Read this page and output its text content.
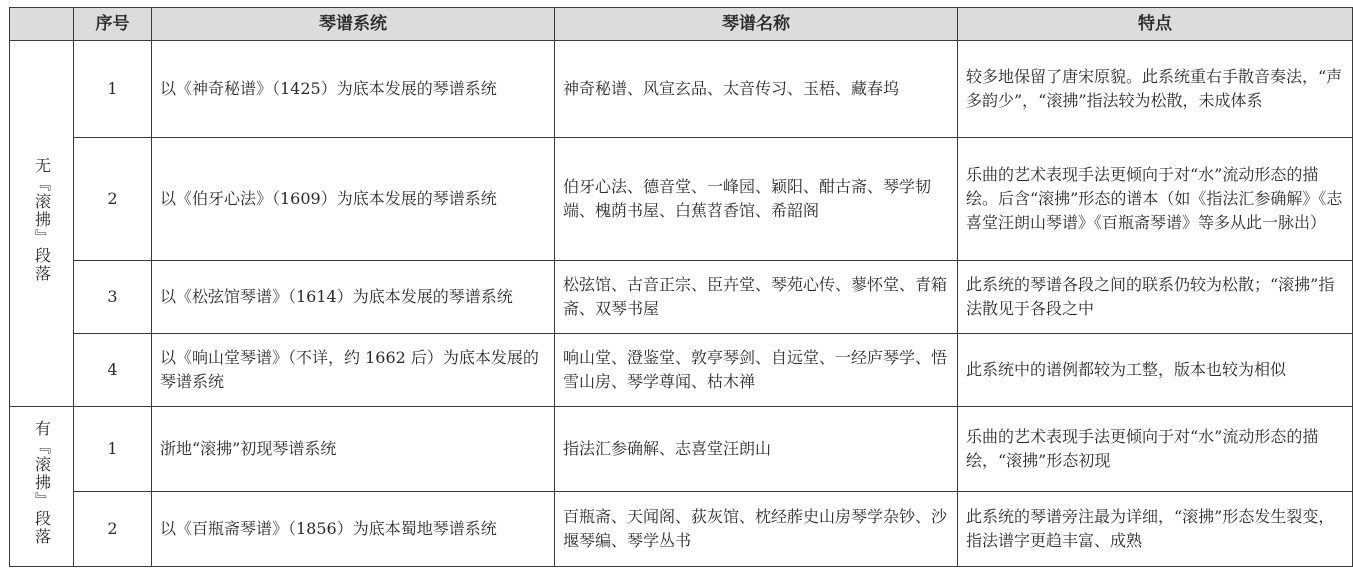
	序号	琴谱系统	琴谱名称	特点
无『滚拂』段落	1	以《神奇秘谱》（1425）为底本发展的琴谱系统	神奇秘谱、风宣玄品、太音传习、玉梧、藏春坞	较多地保留了唐宋原貌。此系统重右手散音奏法，“声多韵少”，“滚拂”指法较为松散，未成体系
	2	以《伯牙心法》（1609）为底本发展的琴谱系统	伯牙心法、德音堂、一峰园、颖阳、酣古斋、琴学韧端、槐荫书屋、白蕉苕香馆、希韶阁	乐曲的艺术表现手法更倾向于对“水”流动形态的描绘。后含“滚拂”形态的谱本（如《指法汇参确解》《志喜堂汪朗山琴谱》《百瓶斋琴谱》等多从此一脉出）
	3	以《松弦馆琴谱》（1614）为底本发展的琴谱系统	松弦馆、古音正宗、臣卉堂、琴苑心传、蓼怀堂、青箱斋、双琴书屋	此系统的琴谱各段之间的联系仍较为松散；“滚拂”指法散见于各段之中
	4	以《响山堂琴谱》（不详，约 1662 后）为底本发展的琴谱系统	响山堂、澄鉴堂、敦亭琴剑、自远堂、一经庐琴学、悟雪山房、琴学尊闻、枯木禅	此系统中的谱例都较为工整，版本也较为相似
有『滚拂』段落	1	浙地“滚拂”初现琴谱系统	指法汇参确解、志喜堂汪朗山	乐曲的艺术表现手法更倾向于对“水”流动形态的描绘，“滚拂”形态初现
	2	以《百瓶斋琴谱》（1856）为底本蜀地琴谱系统	百瓶斋、天闻阁、荻灰馆、枕经葄史山房琴学杂钞、沙堰琴编、琴学丛书	此系统的琴谱旁注最为详细，“滚拂”形态发生裂变，指法谱字更趋丰富、成熟
